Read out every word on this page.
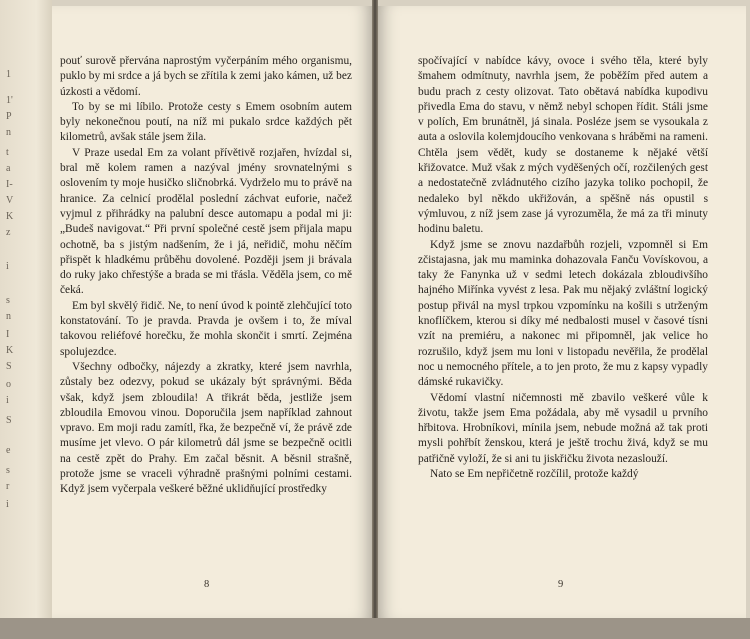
1
1'
P
n
t
a
I-
V
K
z
i
s
n
I
K
S
o
i
S
e
s
r
i

pouť surově přervána naprostým vyčerpáním mého organismu, puklo by mi srdce a já bych se zřítila k zemi jako kámen, už bez úzkosti a vědomí.

To by se mi líbilo. Protože cesty s Emem osobním autem byly nekonečnou poutí, na níž mi pukalo srdce každých pět kilometrů, avšak stále jsem žila.

V Praze usedal Em za volant přívětivě rozjařen, hvízdal si, bral mě kolem ramen a nazýval jmény srovnatelnými s oslovením ty moje husičko sličnobrká. Vydrželo mu to právě na hranice. Za celnicí prodělal poslední záchvat euforie, načež vyjmul z přihrádky na palubní desce automapu a podal mi ji: „Budeš navigovat.“ Při první společné cestě jsem přijala mapu ochotně, ba s jistým nadšením, že i já, neřidič, mohu něčím přispět k hladkému průběhu dovolené. Později jsem ji brávala do ruky jako chřestýše a brada se mi třásla. Věděla jsem, co mě čeká.

Em byl skvělý řidič. Ne, to není úvod k pointě zlehčující toto konstatování. To je pravda. Pravda je ovšem i to, že míval takovou reliéfové horečku, že mohla skončit i smrtí. Zejména spolujezdce.

Všechny odbočky, nájezdy a zkratky, které jsem navrhla, zůstaly bez odezvy, pokud se ukázaly být správnými. Běda však, když jsem zbloudila! A třikrát běda, jestliže jsem zbloudila Emovou vinou. Doporučila jsem například zahnout vpravo. Em moji radu zamítl, řka, že bezpečně ví, že právě zde musíme jet vlevo. O pár kilometrů dál jsme se bezpečně ocitli na cestě zpět do Prahy. Em začal běsnit. A běsnil strašně, protože jsme se vraceli výhradně prašnými polními cestami. Když jsem vyčerpala veškeré běžné uklidňující prostředky

8

spočívající v nabídce kávy, ovoce i svého těla, které byly šmahem odmítnuty, navrhla jsem, že poběžím před autem a budu prach z cesty olizovat. Tato obětavá nabídka kupodivu přivedla Ema do stavu, v němž nebyl schopen řídit. Stáli jsme v polích, Em brunátněl, já sinala. Posléze jsem se vysoukala z auta a oslovila kolemjdoucího venkovana s hráběmi na rameni. Chtěla jsem vědět, kudy se dostaneme k nějaké větší křižovatce. Muž však z mých vyděšených očí, rozčilených gest a nedostatečně zvládnutého cizího jazyka toliko pochopil, že nedaleko byl někdo ukřižován, a spěšně nás opustil s výmluvou, z níž jsem zase já vyrozuměla, že má za tři minuty hodinu baletu.

Když jsme se znovu nazdařbůh rozjeli, vzpomněl si Em zčistajasna, jak mu maminka dohazovala Fanču Vovískovou, a taky že Fanynka už v sedmi letech dokázala zbloudivšího hajného Miřínka vyvést z lesa. Pak mu nějaký zvláštní logický postup přivál na mysl trpkou vzpomínku na košili s utrženým knoflíčkem, kterou si díky mé nedbalosti musel v časové tísni vzít na premiéru, a nakonec mi připomněl, jak velice ho rozrušilo, když jsem mu loni v listopadu nevěřila, že prodělal noc u nemocného přítele, a to jen proto, že mu z kapsy vypadly dámské rukavičky.

Vědomí vlastní ničemnosti mě zbavilo veškeré vůle k životu, takže jsem Ema požádala, aby mě vysadil u prvního hřbitova. Hrobníkovi, mínila jsem, nebude možná až tak proti mysli pohřbít ženskou, která je ještě trochu živá, když se mu patřičně vyloží, že si ani tu jiskřičku života nezaslouží.

Nato se Em nepřičetně rozčílil, protože každý

9
